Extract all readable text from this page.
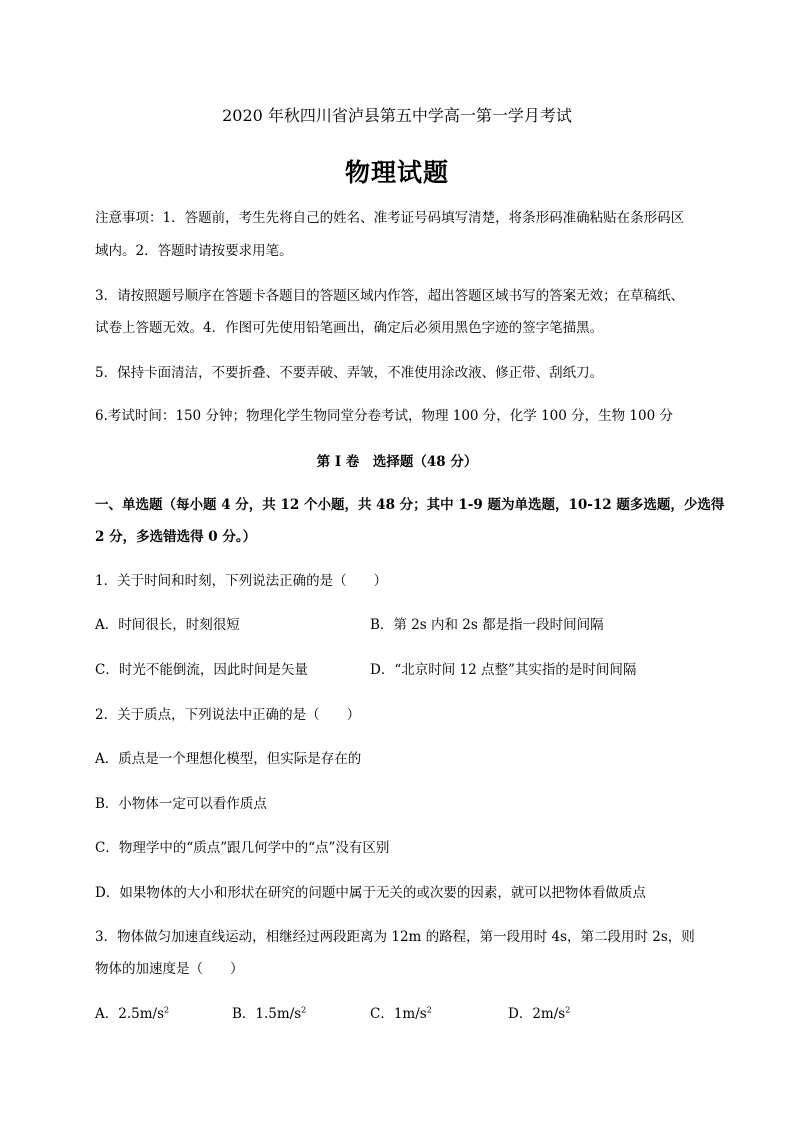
2020 年秋四川省泸县第五中学高一第一学月考试
物理试题
注意事项：1．答题前，考生先将自己的姓名、准考证号码填写清楚，将条形码准确粘贴在条形码区
域内。2．答题时请按要求用笔。
3．请按照题号顺序在答题卡各题目的答题区域内作答，超出答题区域书写的答案无效；在草稿纸、
试卷上答题无效。4．作图可先使用铅笔画出，确定后必须用黑色字迹的签字笔描黑。
5．保持卡面清洁，不要折叠、不要弄破、弄皱，不准使用涂改液、修正带、刮纸刀。
6.考试时间：150 分钟；物理化学生物同堂分卷考试，物理 100 分，化学 100 分，生物 100 分
第 I 卷　选择题（48 分）
一、单选题（每小题 4 分，共 12 个小题，共 48 分；其中 1-9 题为单选题，10-12 题多选题，少选得
2 分，多选错选得 0 分。）
1．关于时间和时刻，下列说法正确的是（　　）
A．时间很长，时刻很短	B．第 2s 内和 2s 都是指一段时间间隔
C．时光不能倒流，因此时间是矢量	D．“北京时间 12 点整”其实指的是时间间隔
2．关于质点，下列说法中正确的是（　　）
A．质点是一个理想化模型，但实际是存在的
B．小物体一定可以看作质点
C．物理学中的“质点”跟几何学中的“点”没有区别
D．如果物体的大小和形状在研究的问题中属于无关的或次要的因素，就可以把物体看做质点
3．物体做匀加速直线运动，相继经过两段距离为 12m 的路程，第一段用时 4s，第二段用时 2s，则
物体的加速度是（　　）
A．$2.5m/s^2$	B．$1.5m/s^2$	C．$1m/s^2$	D．$2m/s^2$
